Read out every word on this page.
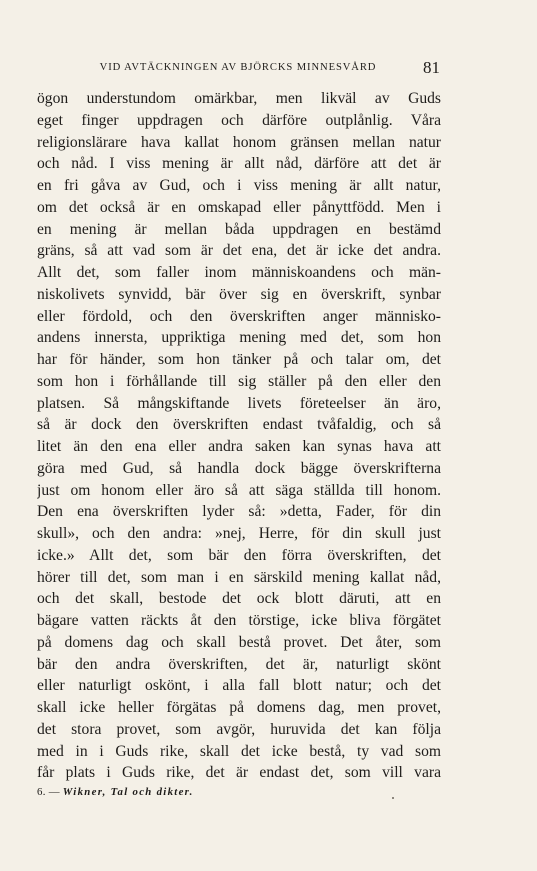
VID AVTÄCKNINGEN AV BJÖRCKS MINNESVÅRD	81
ögon understundom omärkbar, men likväl av Guds
eget finger uppdragen och därföre outplånlig. Våra
religionslärare hava kallat honom gränsen mellan natur
och nåd. I viss mening är allt nåd, därföre att det är
en fri gåva av Gud, och i viss mening är allt natur,
om det också är en omskapad eller pånyttfödd. Men i
en mening är mellan båda uppdragen en bestämd
gräns, så att vad som är det ena, det är icke det andra.
Allt det, som faller inom människoandens och män-
niskolivets synvidd, bär över sig en överskrift, synbar
eller fördold, och den överskriften anger människo-
andens innersta, uppriktiga mening med det, som hon
har för händer, som hon tänker på och talar om, det
som hon i förhållande till sig ställer på den eller den
platsen. Så mångskiftande livets företeelser än äro,
så är dock den överskriften endast tvåfaldig, och så
litet än den ena eller andra saken kan synas hava att
göra med Gud, så handla dock bägge överskrifterna
just om honom eller äro så att säga ställda till honom.
Den ena överskriften lyder så: »detta, Fader, för din
skull», och den andra: »nej, Herre, för din skull just
icke.» Allt det, som bär den förra överskriften, det
hörer till det, som man i en särskild mening kallat nåd,
och det skall, bestode det ock blott däruti, att en
bägare vatten räckts åt den törstige, icke bliva förgätet
på domens dag och skall bestå provet. Det åter, som
bär den andra överskriften, det är, naturligt skönt
eller naturligt oskönt, i alla fall blott natur; och det
skall icke heller förgätas på domens dag, men provet,
det stora provet, som avgör, huruvida det kan följa
med in i Guds rike, skall det icke bestå, ty vad som
får plats i Guds rike, det är endast det, som vill vara
6. — Wikner, Tal och dikter.
